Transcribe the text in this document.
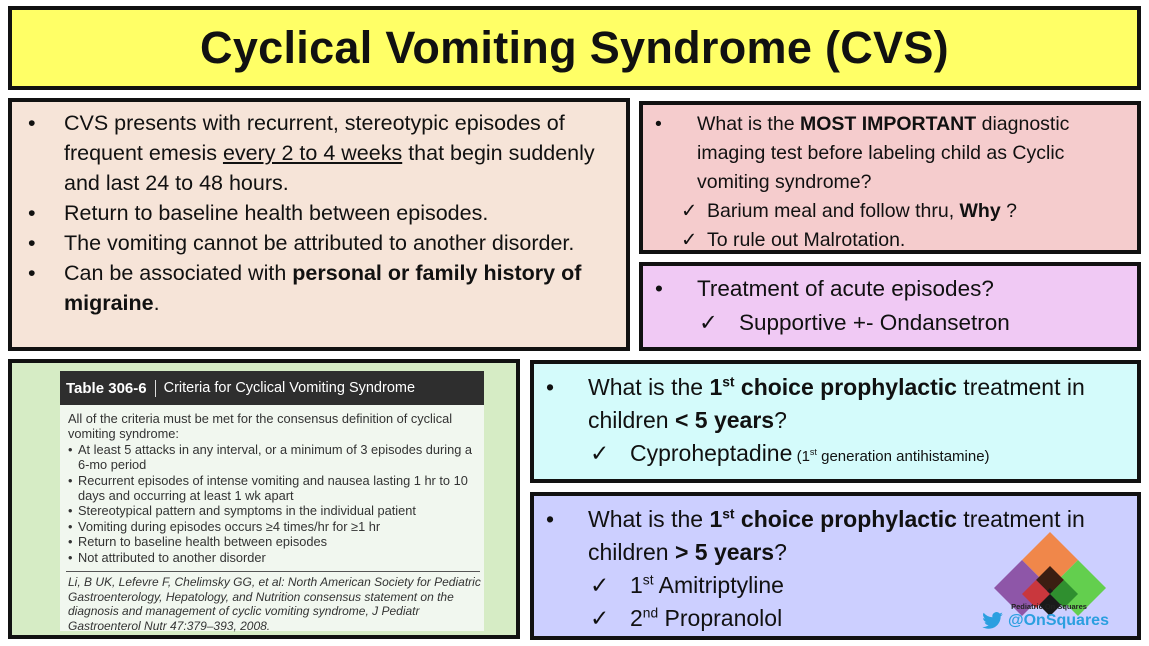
Cyclical Vomiting Syndrome (CVS)
• CVS presents with recurrent, stereotypic episodes of frequent emesis every 2 to 4 weeks that begin suddenly and last 24 to 48 hours.
• Return to baseline health between episodes.
• The vomiting cannot be attributed to another disorder.
• Can be associated with personal or family history of migraine.
• What is the MOST IMPORTANT diagnostic imaging test before labeling child as Cyclic vomiting syndrome?
✓ Barium meal and follow thru, Why ?
✓ To rule out Malrotation.
• Treatment of acute episodes?
✓ Supportive +- Ondansetron
Table 306-6	Criteria for Cyclical Vomiting Syndrome
All of the criteria must be met for the consensus definition of cyclical vomiting syndrome:
• At least 5 attacks in any interval, or a minimum of 3 episodes during a 6-mo period
• Recurrent episodes of intense vomiting and nausea lasting 1 hr to 10 days and occurring at least 1 wk apart
• Stereotypical pattern and symptoms in the individual patient
• Vomiting during episodes occurs ≥4 times/hr for ≥1 hr
• Return to baseline health between episodes
• Not attributed to another disorder
Li, B UK, Lefevre F, Chelimsky GG, et al: North American Society for Pediatric Gastroenterology, Hepatology, and Nutrition consensus statement on the diagnosis and management of cyclic vomiting syndrome, J Pediatr Gastroenterol Nutr 47:379–393, 2008.
• What is the 1st choice prophylactic treatment in children < 5 years?
✓ Cyproheptadine (1st generation antihistamine)
• What is the 1st choice prophylactic treatment in children > 5 years?
✓ 1st Amitriptyline
✓ 2nd Propranolol	Pediatric On Squares
@OnSquares
